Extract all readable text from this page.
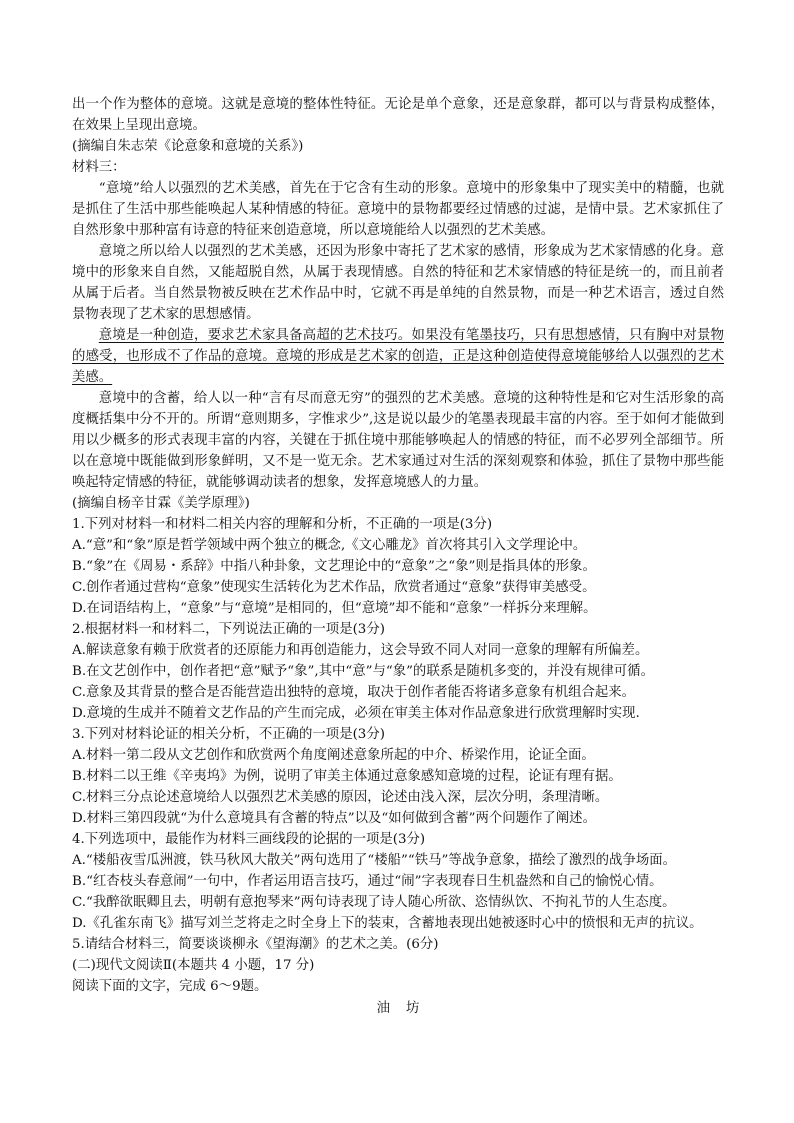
出一个作为整体的意境。这就是意境的整体性特征。无论是单个意象，还是意象群，都可以与背景构成整体，在效果上呈现出意境。

(摘编自朱志荣《论意象和意境的关系》)

材料三：

“意境”给人以强烈的艺术美感，首先在于它含有生动的形象。意境中的形象集中了现实美中的精髓，也就是抓住了生活中那些能唤起人某种情感的特征。意境中的景物都要经过情感的过滤，是情中景。艺术家抓住了自然形象中那种富有诗意的特征来创造意境，所以意境能给人以强烈的艺术美感。

意境之所以给人以强烈的艺术美感，还因为形象中寄托了艺术家的感情，形象成为艺术家情感的化身。意境中的形象来自自然，又能超脱自然，从属于表现情感。自然的特征和艺术家情感的特征是统一的，而且前者从属于后者。当自然景物被反映在艺术作品中时，它就不再是单纯的自然景物，而是一种艺术语言，透过自然景物表现了艺术家的思想感情。

意境是一种创造，要求艺术家具备高超的艺术技巧。如果没有笔墨技巧，只有思想感情，只有胸中对景物的感受，也形成不了作品的意境。意境的形成是艺术家的创造，正是这种创造使得意境能够给人以强烈的艺术美感。

意境中的含蓄，给人以一种“言有尽而意无穷”的强烈的艺术美感。意境的这种特性是和它对生活形象的高度概括集中分不开的。所谓“意则期多，字惟求少”,这是说以最少的笔墨表现最丰富的内容。至于如何才能做到用以少概多的形式表现丰富的内容，关键在于抓住境中那能够唤起人的情感的特征，而不必罗列全部细节。所以在意境中既能做到形象鲜明，又不是一览无余。艺术家通过对生活的深刻观察和体验，抓住了景物中那些能唤起特定情感的特征，就能够调动读者的想象，发挥意境感人的力量。

(摘编自杨辛甘霖《美学原理》)

1.下列对材料一和材料二相关内容的理解和分析，不正确的一项是(3分)

A.“意”和“象”原是哲学领域中两个独立的概念,《文心雕龙》首次将其引入文学理论中。

B.“象”在《周易・系辞》中指八种卦象，文艺理论中的“意象”之“象”则是指具体的形象。

C.创作者通过营构“意象”使现实生活转化为艺术作品，欣赏者通过“意象”获得审美感受。

D.在词语结构上，“意象”与“意境”是相同的，但“意境”却不能和“意象”一样拆分来理解。

2.根据材料一和材料二，下列说法正确的一项是(3分)

A.解读意象有赖于欣赏者的还原能力和再创造能力，这会导致不同人对同一意象的理解有所偏差。

B.在文艺创作中，创作者把“意”赋予“象”,其中“意”与“象”的联系是随机多变的，并没有规律可循。

C.意象及其背景的整合是否能营造出独特的意境，取决于创作者能否将诸多意象有机组合起来。

D.意境的生成并不随着文艺作品的产生而完成，必须在审美主体对作品意象进行欣赏理解时实现.

3.下列对材料论证的相关分析，不正确的一项是(3分)

A.材料一第二段从文艺创作和欣赏两个角度阐述意象所起的中介、桥梁作用，论证全面。

B.材料二以王维《辛夷坞》为例，说明了审美主体通过意象感知意境的过程，论证有理有据。

C.材料三分点论述意境给人以强烈艺术美感的原因，论述由浅入深，层次分明，条理清晰。

D.材料三第四段就“为什么意境具有含蓄的特点”以及“如何做到含蓄”两个问题作了阐述。

4.下列选项中，最能作为材料三画线段的论据的一项是(3分)

A.“楼船夜雪瓜洲渡，铁马秋风大散关”两句选用了“楼船”“铁马”等战争意象，描绘了激烈的战争场面。

B.“红杏枝头春意闹”一句中，作者运用语言技巧，通过“闹”字表现春日生机盎然和自己的愉悦心情。

C.“我醉欲眠卿且去，明朝有意抱琴来”两句诗表现了诗人随心所欲、恣情纵饮、不拘礼节的人生态度。

D.《孔雀东南飞》描写刘兰芝将走之时全身上下的装束，含蓄地表现出她被逐时心中的愤恨和无声的抗议。

5.请结合材料三，简要谈谈柳永《望海潮》的艺术之美。(6分)

(二)现代文阅读Ⅱ(本题共 4 小题，17 分)

阅读下面的文字，完成 6～9题。

油坊
